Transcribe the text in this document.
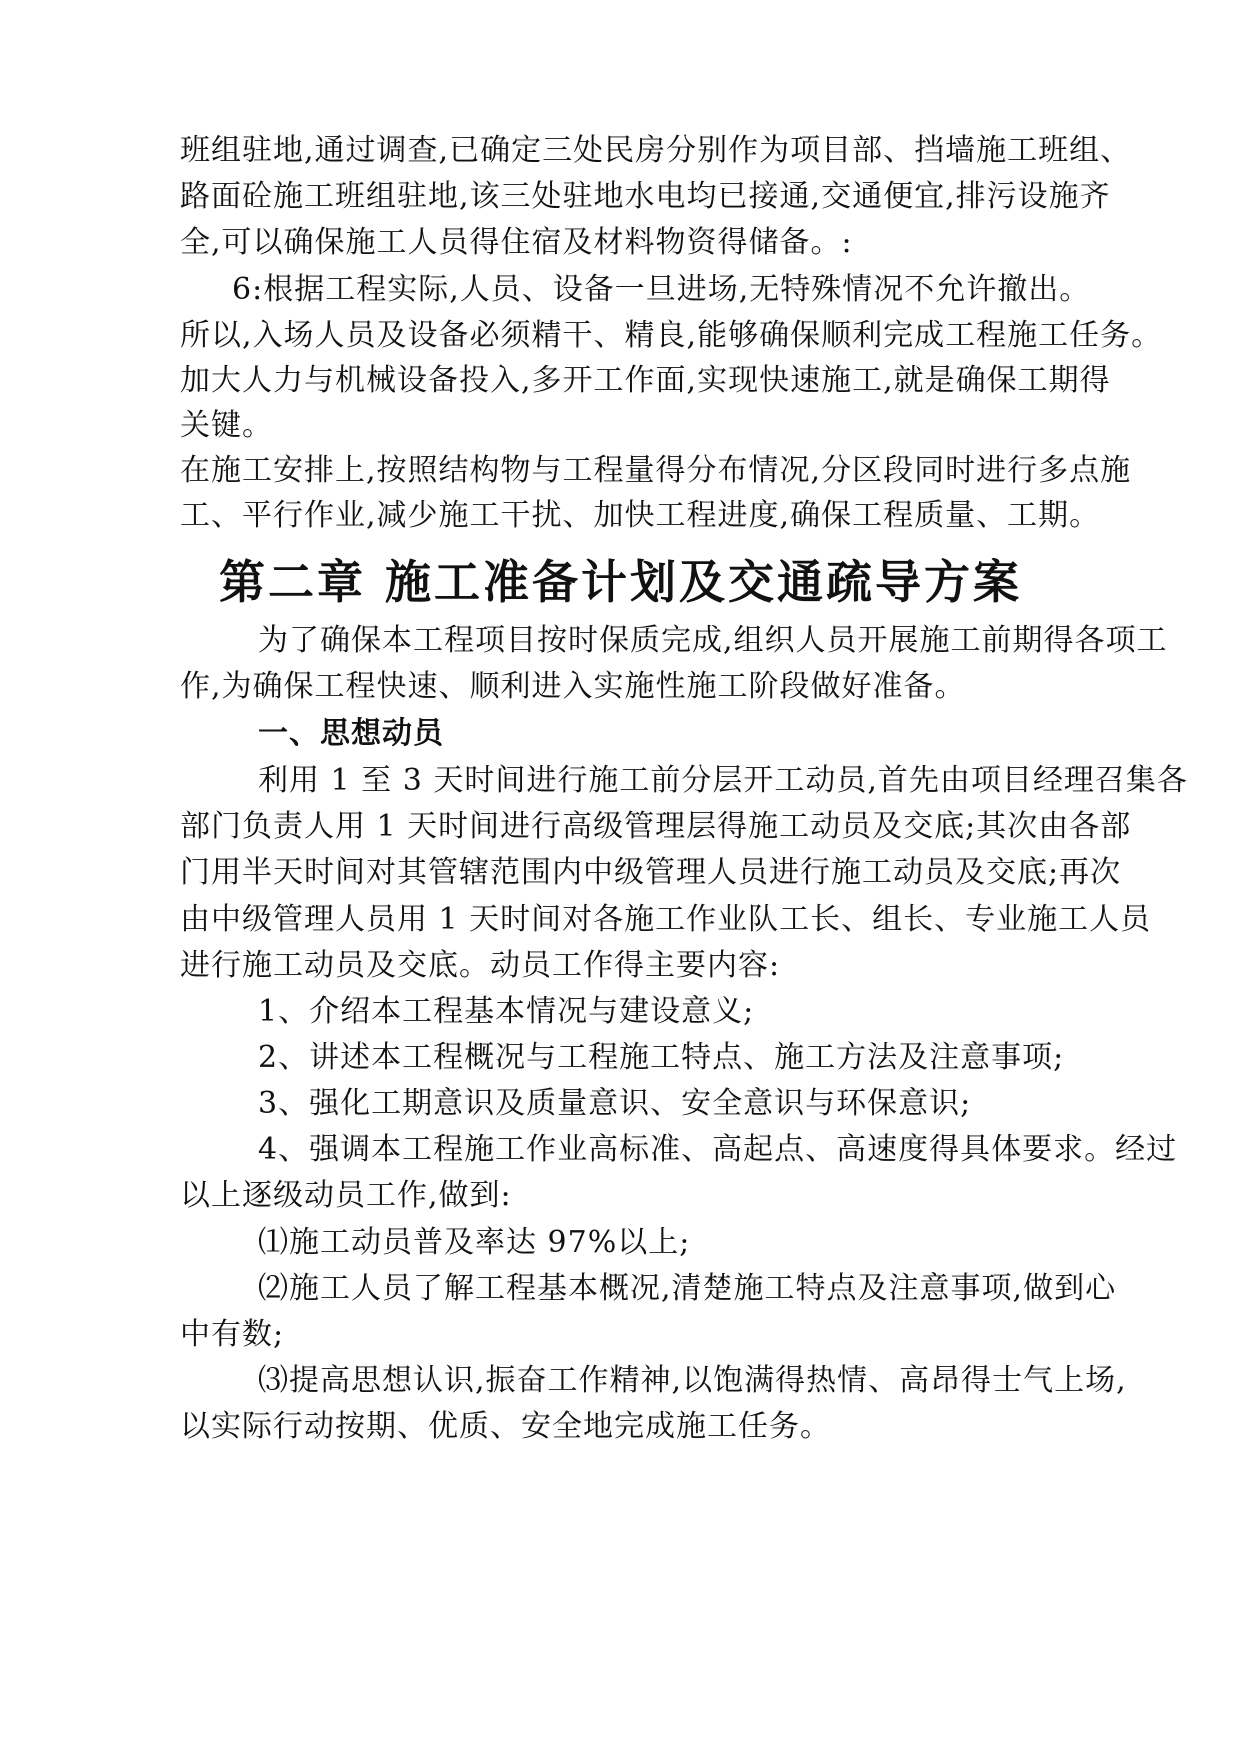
班组驻地,通过调查,已确定三处民房分别作为项目部、挡墙施工班组、
路面砼施工班组驻地,该三处驻地水电均已接通,交通便宜,排污设施齐
全,可以确保施工人员得住宿及材料物资得储备。:
6:根据工程实际,人员、设备一旦进场,无特殊情况不允许撤出。
所以,入场人员及设备必须精干、精良,能够确保顺利完成工程施工任务。
加大人力与机械设备投入,多开工作面,实现快速施工,就是确保工期得
关键。
在施工安排上,按照结构物与工程量得分布情况,分区段同时进行多点施
工、平行作业,减少施工干扰、加快工程进度,确保工程质量、工期。
第二章 施工准备计划及交通疏导方案
为了确保本工程项目按时保质完成,组织人员开展施工前期得各项工
作,为确保工程快速、顺利进入实施性施工阶段做好准备。
一、思想动员
利用 1 至 3 天时间进行施工前分层开工动员,首先由项目经理召集各
部门负责人用 1 天时间进行高级管理层得施工动员及交底;其次由各部
门用半天时间对其管辖范围内中级管理人员进行施工动员及交底;再次
由中级管理人员用 1 天时间对各施工作业队工长、组长、专业施工人员
进行施工动员及交底。动员工作得主要内容:
1、介绍本工程基本情况与建设意义;
2、讲述本工程概况与工程施工特点、施工方法及注意事项;
3、强化工期意识及质量意识、安全意识与环保意识;
4、强调本工程施工作业高标准、高起点、高速度得具体要求。经过
以上逐级动员工作,做到:
⑴施工动员普及率达 97%以上;
⑵施工人员了解工程基本概况,清楚施工特点及注意事项,做到心
中有数;
⑶提高思想认识,振奋工作精神,以饱满得热情、高昂得士气上场,
以实际行动按期、优质、安全地完成施工任务。
